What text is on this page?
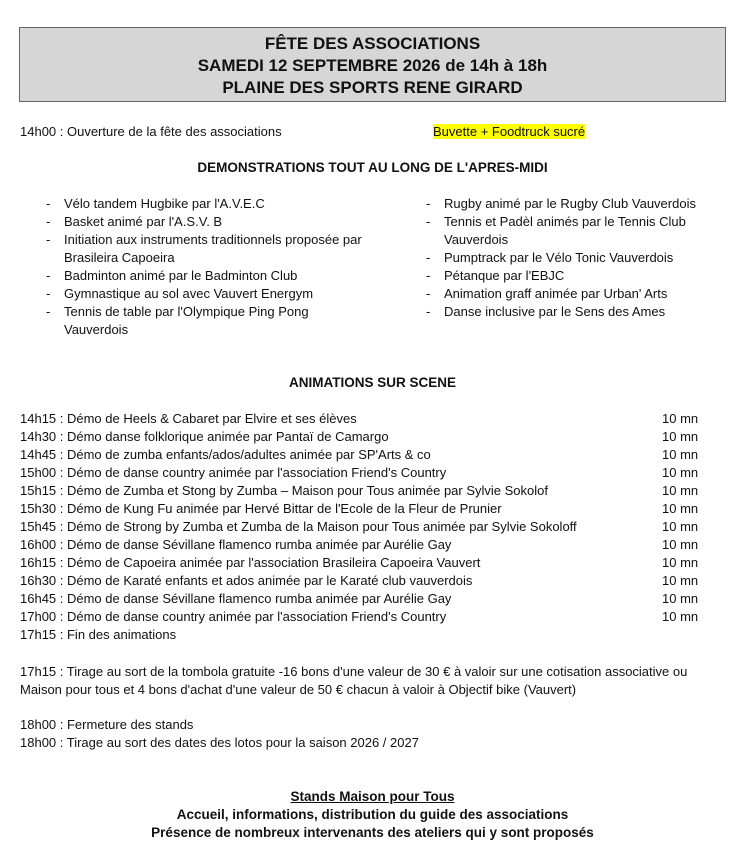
FÊTE DES ASSOCIATIONS
SAMEDI 12 SEPTEMBRE 2026 de 14h à 18h
PLAINE DES SPORTS RENE GIRARD
14h00 : Ouverture de la fête des associations	Buvette + Foodtruck sucré
DEMONSTRATIONS TOUT AU LONG DE L'APRES-MIDI
- Vélo tandem Hugbike par l'A.V.E.C
- Basket animé par l'A.S.V. B
- Initiation aux instruments traditionnels proposée par Brasileira Capoeira
- Badminton animé par le Badminton Club
- Gymnastique au sol avec Vauvert Energym
- Tennis de table par l'Olympique Ping Pong Vauverdois
- Rugby animé par le Rugby Club Vauverdois
- Tennis et Padèl animés par le Tennis Club Vauverdois
- Pumptrack par le Vélo Tonic Vauverdois
- Pétanque par l'EBJC
- Animation graff animée par Urban' Arts
- Danse inclusive par le Sens des Ames
ANIMATIONS SUR SCENE
14h15 : Démo de Heels & Cabaret par Elvire et ses élèves	10 mn
14h30 : Démo danse folklorique animée par Pantaï de Camargo	10 mn
14h45 : Démo de zumba enfants/ados/adultes animée par SP'Arts & co	10 mn
15h00 : Démo de danse country animée par l'association Friend's Country	10 mn
15h15 : Démo de Zumba et Stong by Zumba – Maison pour Tous animée par Sylvie Sokolof	10 mn
15h30 : Démo de Kung Fu animée par Hervé Bittar de l'Ecole de la Fleur de Prunier	10 mn
15h45 : Démo de Strong by Zumba et Zumba de la Maison pour Tous animée par Sylvie Sokoloff	10 mn
16h00 : Démo de danse Sévillane flamenco rumba animée par Aurélie Gay	10 mn
16h15 : Démo de Capoeira animée par l'association Brasileira Capoeira Vauvert	10 mn
16h30 : Démo de Karaté enfants et ados animée par le Karaté club vauverdois	10 mn
16h45 : Démo de danse Sévillane flamenco rumba animée par Aurélie Gay	10 mn
17h00 : Démo de danse country animée par l'association Friend's Country	10 mn
17h15 : Fin des animations
17h15 : Tirage au sort de la tombola gratuite -16 bons d'une valeur de 30 € à valoir sur une cotisation associative ou Maison pour tous et 4 bons d'achat d'une valeur de 50 € chacun à valoir à Objectif bike (Vauvert)
18h00 : Fermeture des stands
18h00 : Tirage au sort des dates des lotos pour la saison 2026 / 2027
Stands Maison pour Tous
Accueil, informations, distribution du guide des associations
Présence de nombreux intervenants des ateliers qui y sont proposés
